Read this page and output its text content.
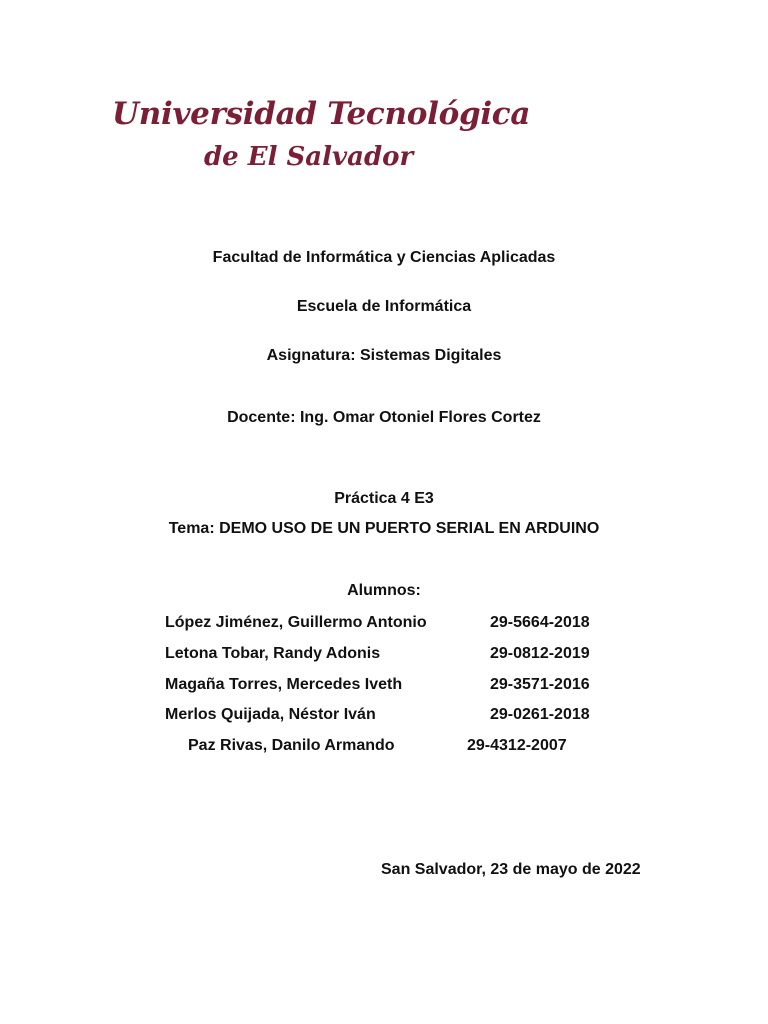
Universidad Tecnológica
de El Salvador
Facultad de Informática y Ciencias Aplicadas
Escuela de Informática
Asignatura: Sistemas Digitales
Docente: Ing. Omar Otoniel Flores Cortez
Práctica 4 E3
Tema: DEMO USO DE UN PUERTO SERIAL EN ARDUINO
Alumnos:
López Jiménez, Guillermo Antonio	29-5664-2018
Letona Tobar, Randy Adonis	29-0812-2019
Magaña Torres, Mercedes Iveth	29-3571-2016
Merlos Quijada, Néstor Iván	29-0261-2018
Paz Rivas, Danilo Armando	29-4312-2007
San Salvador, 23 de mayo de 2022
